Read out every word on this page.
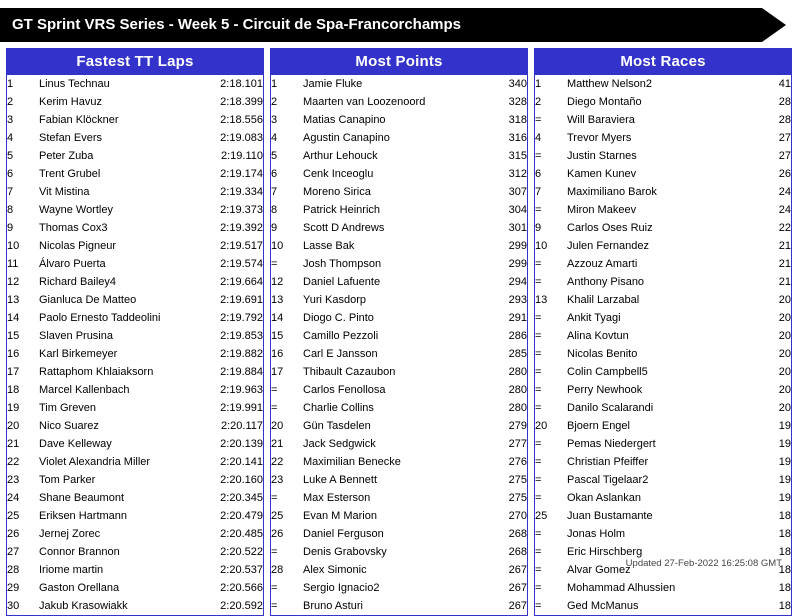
GT Sprint VRS Series - Week 5 - Circuit de Spa-Francorchamps
Fastest TT Laps
1	Linus Technau	2:18.101
2	Kerim Havuz	2:18.399
3	Fabian Klöckner	2:18.556
4	Stefan Evers	2:19.083
5	Peter Zuba	2:19.110
6	Trent Grubel	2:19.174
7	Vit Mistina	2:19.334
8	Wayne Wortley	2:19.373
9	Thomas Cox3	2:19.392
10	Nicolas Pigneur	2:19.517
11	Álvaro Puerta	2:19.574
12	Richard Bailey4	2:19.664
13	Gianluca De Matteo	2:19.691
14	Paolo Ernesto Taddeolini	2:19.792
15	Slaven Prusina	2:19.853
16	Karl Birkemeyer	2:19.882
17	Rattaphom Khlaiaksorn	2:19.884
18	Marcel Kallenbach	2:19.963
19	Tim Greven	2:19.991
20	Nico Suarez	2:20.117
21	Dave Kelleway	2:20.139
22	Violet Alexandria Miller	2:20.141
23	Tom Parker	2:20.160
24	Shane Beaumont	2:20.345
25	Eriksen Hartmann	2:20.479
26	Jernej Zorec	2:20.485
27	Connor Brannon	2:20.522
28	Iriome martin	2:20.537
29	Gaston Orellana	2:20.566
30	Jakub Krasowiakk	2:20.592
Most Points
1	Jamie Fluke	340
2	Maarten van Loozenoord	328
3	Matias Canapino	318
4	Agustin Canapino	316
5	Arthur Lehouck	315
6	Cenk Inceoglu	312
7	Moreno Sirica	307
8	Patrick Heinrich	304
9	Scott D Andrews	301
10	Lasse Bak	299
=	Josh Thompson	299
12	Daniel Lafuente	294
13	Yuri Kasdorp	293
14	Diogo C. Pinto	291
15	Camillo Pezzoli	286
16	Carl E Jansson	285
17	Thibault Cazaubon	280
=	Carlos Fenollosa	280
=	Charlie Collins	280
20	Gün Tasdelen	279
21	Jack Sedgwick	277
22	Maximilian Benecke	276
23	Luke A Bennett	275
=	Max Esterson	275
25	Evan M Marion	270
26	Daniel Ferguson	268
=	Denis Grabovsky	268
28	Alex Simonic	267
=	Sergio Ignacio2	267
=	Bruno Asturi	267
Most Races
1	Matthew Nelson2	41
2	Diego Montaño	28
=	Will Baraviera	28
4	Trevor Myers	27
=	Justin Starnes	27
6	Kamen Kunev	26
7	Maximiliano Barok	24
=	Miron Makeev	24
9	Carlos Oses Ruiz	22
10	Julen Fernandez	21
=	Azzouz Amarti	21
=	Anthony Pisano	21
13	Khalil Larzabal	20
=	Ankit Tyagi	20
=	Alina Kovtun	20
=	Nicolas Benito	20
=	Colin Campbell5	20
=	Perry Newhook	20
=	Danilo Scalarandi	20
20	Bjoern Engel	19
=	Pemas Niedergert	19
=	Christian Pfeiffer	19
=	Pascal Tigelaar2	19
=	Okan Aslankan	19
25	Juan Bustamante	18
=	Jonas Holm	18
=	Eric Hirschberg	18
=	Alvar Gomez	18
=	Mohammad Alhussien	18
=	Ged McManus	18
Updated 27-Feb-2022 16:25:08 GMT
